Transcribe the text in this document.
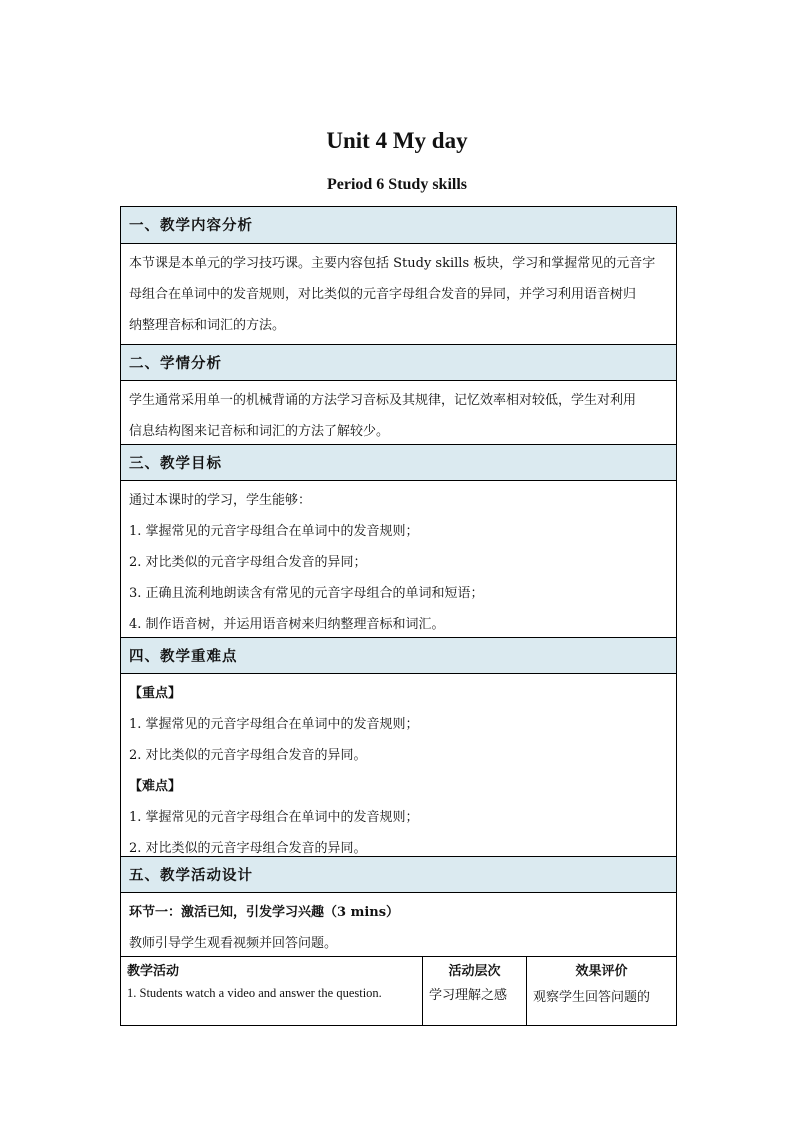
Unit 4 My day
Period 6 Study skills
一、教学内容分析
本节课是本单元的学习技巧课。主要内容包括 Study skills 板块，学习和掌握常见的元音字
母组合在单词中的发音规则，对比类似的元音字母组合发音的异同，并学习利用语音树归
纳整理音标和词汇的方法。
二、学情分析
学生通常采用单一的机械背诵的方法学习音标及其规律，记忆效率相对较低，学生对利用
信息结构图来记音标和词汇的方法了解较少。
三、教学目标
通过本课时的学习，学生能够：
1. 掌握常见的元音字母组合在单词中的发音规则；
2. 对比类似的元音字母组合发音的异同；
3. 正确且流利地朗读含有常见的元音字母组合的单词和短语；
4. 制作语音树，并运用语音树来归纳整理音标和词汇。
四、教学重难点
【重点】
1. 掌握常见的元音字母组合在单词中的发音规则；
2. 对比类似的元音字母组合发音的异同。
【难点】
1. 掌握常见的元音字母组合在单词中的发音规则；
2. 对比类似的元音字母组合发音的异同。
五、教学活动设计
环节一：激活已知，引发学习兴趣（3 mins）
教师引导学生观看视频并回答问题。
教学活动
1. Students watch a video and answer the question.
活动层次
学习理解之感
效果评价
观察学生回答问题的
